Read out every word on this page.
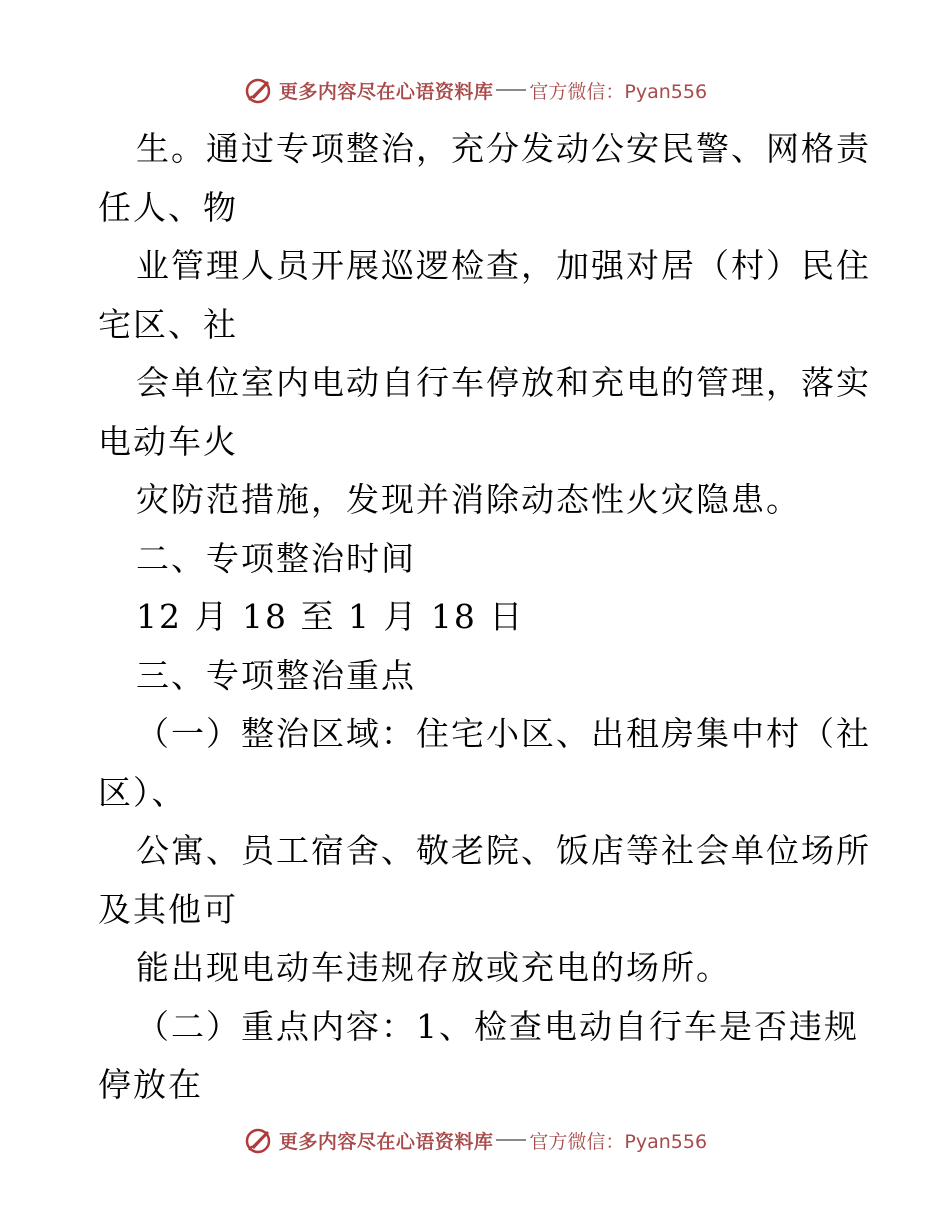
更多内容尽在心语资料库 官方微信：Pyan556
生。通过专项整治，充分发动公安民警、网格责
任人、物
业管理人员开展巡逻检查，加强对居（村）民住
宅区、社
会单位室内电动自行车停放和充电的管理，落实
电动车火
灾防范措施，发现并消除动态性火灾隐患。
二、专项整治时间
12 月 18 至 1 月 18 日
三、专项整治重点
（一）整治区域：住宅小区、出租房集中村（社
区）、
公寓、员工宿舍、敬老院、饭店等社会单位场所
及其他可
能出现电动车违规存放或充电的场所。
（二）重点内容：1、检查电动自行车是否违规
停放在
更多内容尽在心语资料库 官方微信：Pyan556
